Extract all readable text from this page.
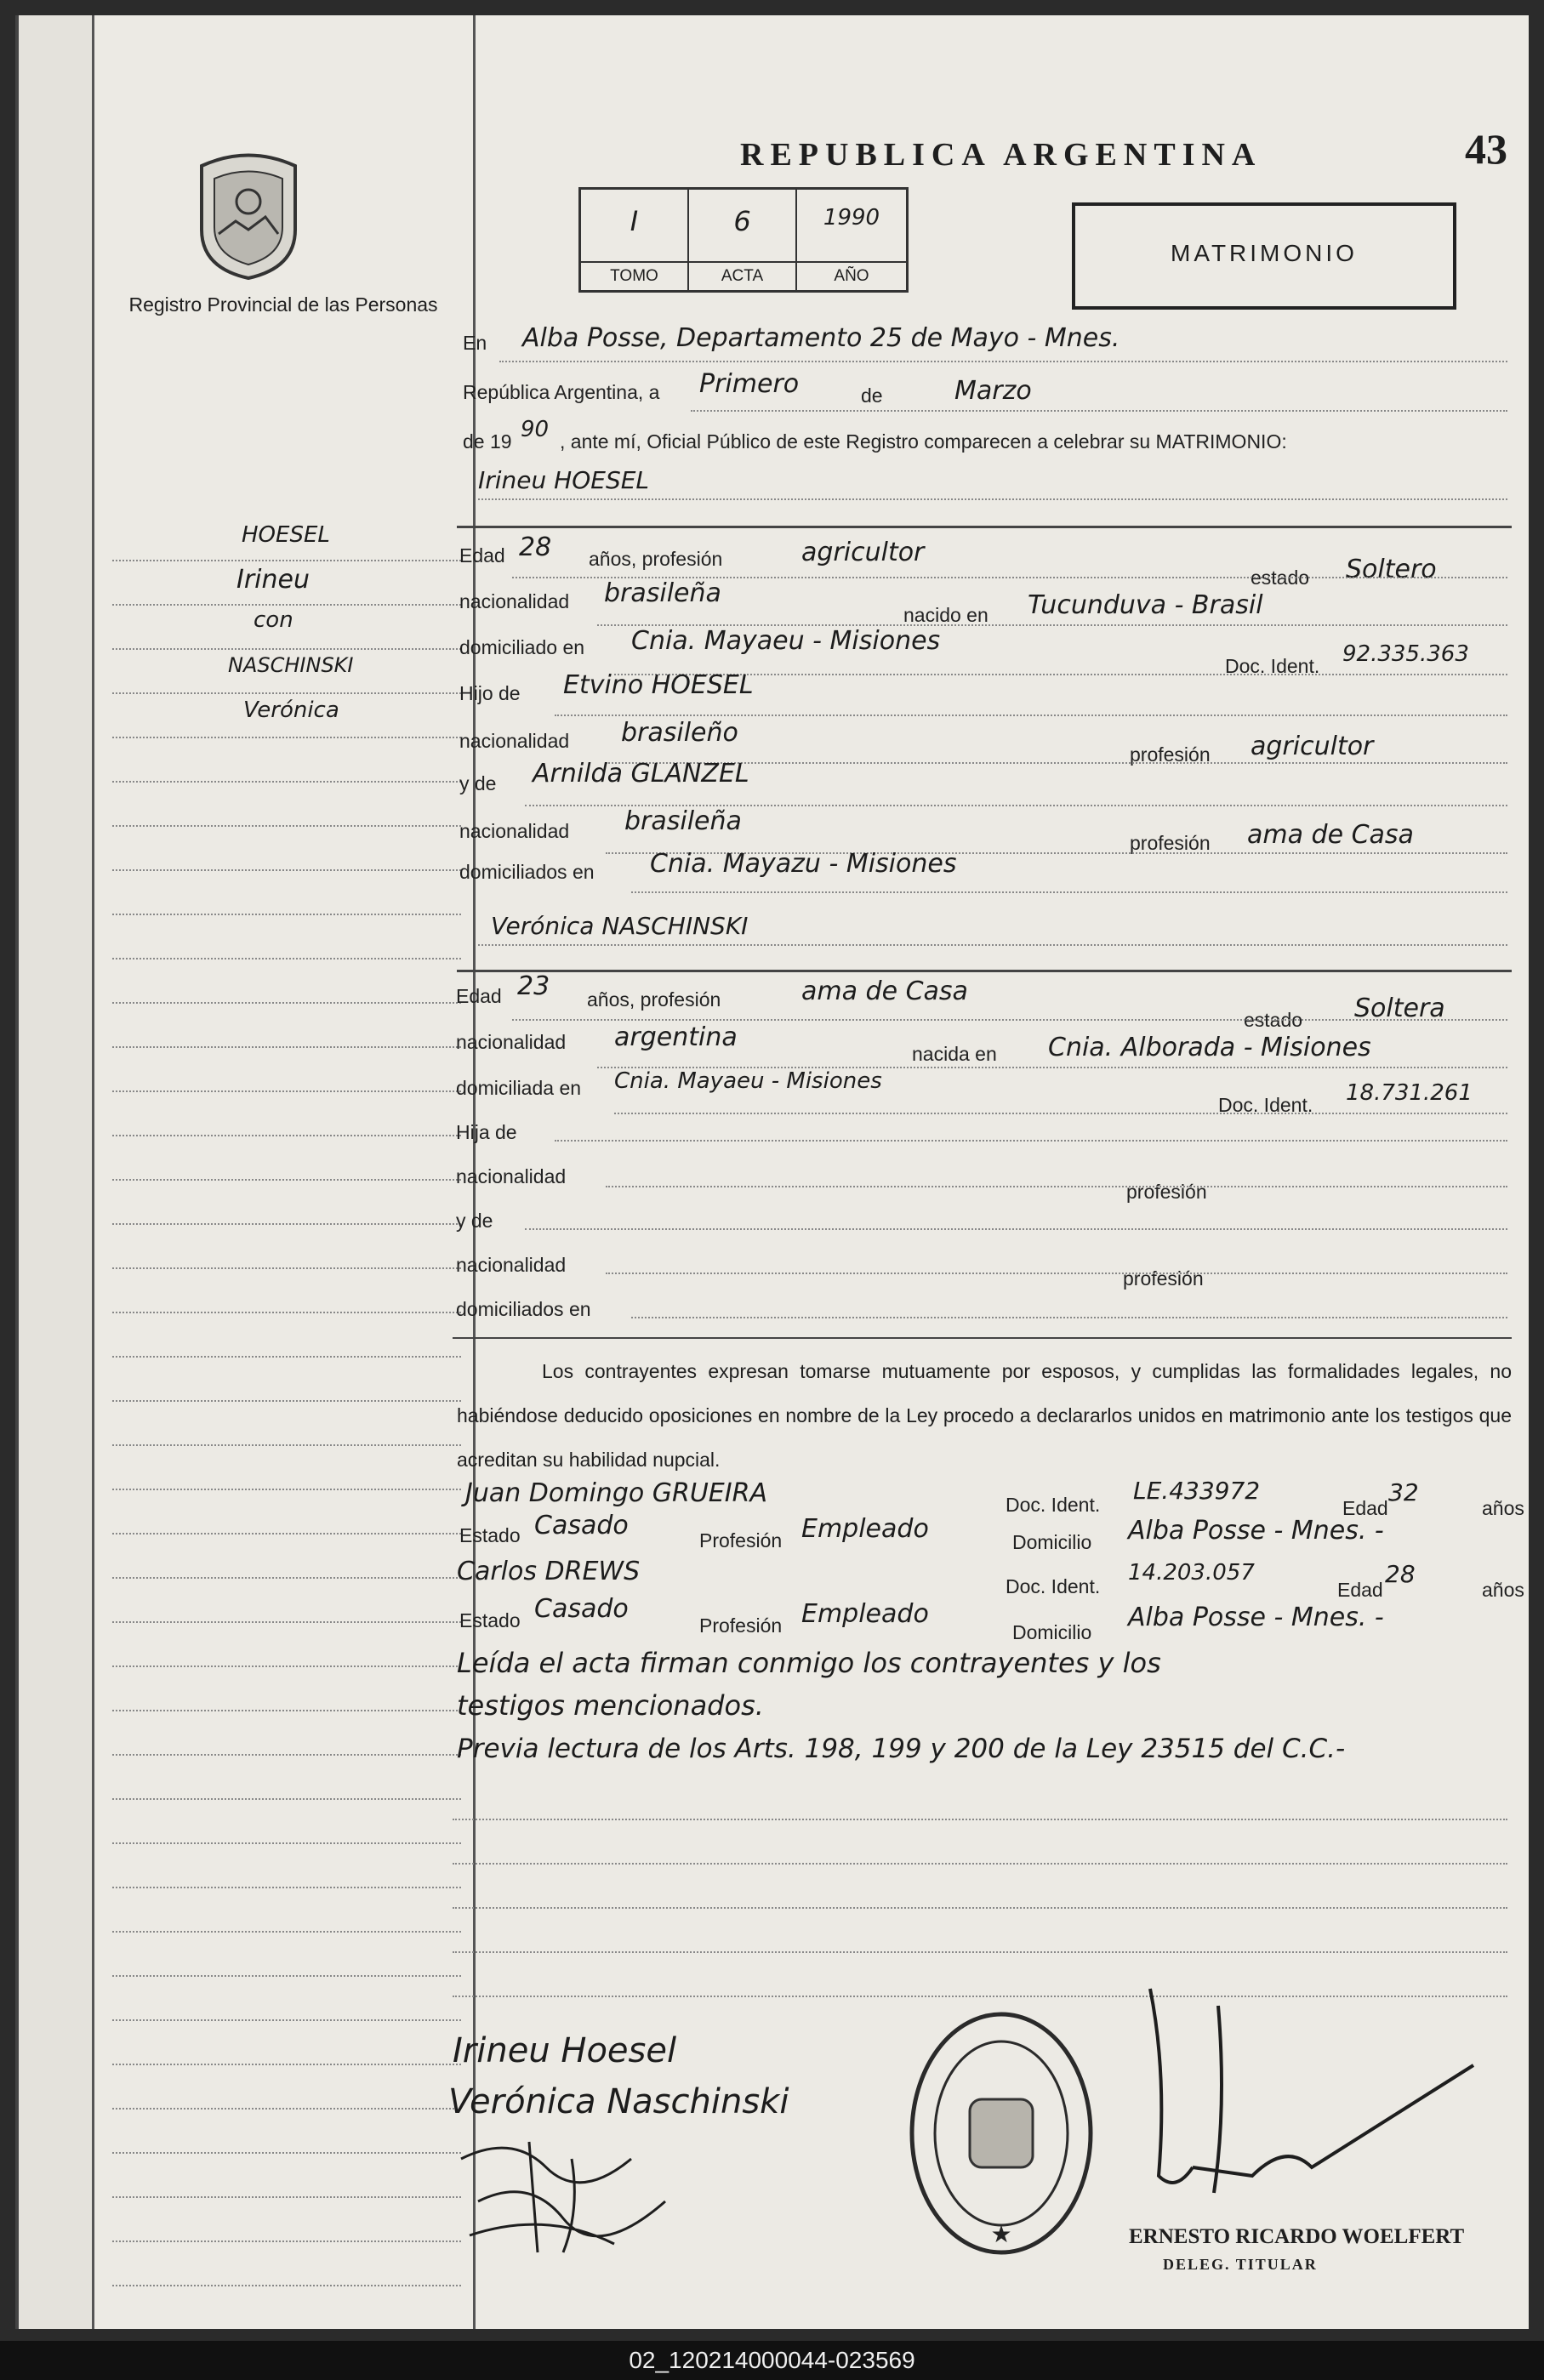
Registro Provincial de las Personas
HOESEL
Irineu
con
NASCHINSKI
Verónica
43
REPUBLICA ARGENTINA
I
TOMO
6
ACTA
1990
AÑO
MATRIMONIO
En Alba Posse, Departamento 25 de Mayo - Mnes.
República Argentina, a Primero	de	Marzo
de 19 90 , ante mí, Oficial Público de este Registro comparecen a celebrar su MATRIMONIO:
Irineu HOESEL
Edad 28 años, profesión	agricultor
estado Soltero
nacionalidad brasileña
nacido en Tucunduva - Brasil
domiciliado en Cnia. Mayaeu - Misiones
Doc. Ident. 92.335.363
Hijo de Etvino HOESEL
nacionalidad brasileño
profesión agricultor
y de Arnilda GLANZEL
nacionalidad brasileña
profesión ama de Casa
domiciliados en Cnia. Mayazu - Misiones
Verónica NASCHINSKI
Edad 23 años, profesión	ama de Casa
estado Soltera
nacionalidad argentina
nacida en Cnia. Alborada - Misiones
domiciliada en Cnia. Mayaeu - Misiones
Doc. Ident. 18.731.261
Hija de
nacionalidad
profesión
y de
nacionalidad
profesión
domiciliados en
Los contrayentes expresan tomarse mutuamente por esposos, y cumplidas las formalidades legales, no habiéndose deducido oposiciones en nombre de la Ley procedo a declararlos unidos en matrimonio ante los testigos que acreditan su habilidad nupcial.
Juan Domingo GRUEIRA	Doc. Ident. LE.433972
Edad
32
años
Estado Casado	Profesión Empleado	Domicilio Alba Posse - Mnes. -
Carlos DREWS	Doc. Ident.
14.203.057
Edad
28
años
Estado Casado
Profesión Empleado
Domicilio Alba Posse - Mnes. -
Leída el acta firman conmigo los contrayentes y los
testigos mencionados.
Previa lectura de los Arts. 198, 199 y 200 de la Ley 23515 del C.C.-
Irineu Hoesel
Verónica Naschinski
★	ERNESTO RICARDO WOELFERT
DELEG. TITULAR
02_120214000044-023569
